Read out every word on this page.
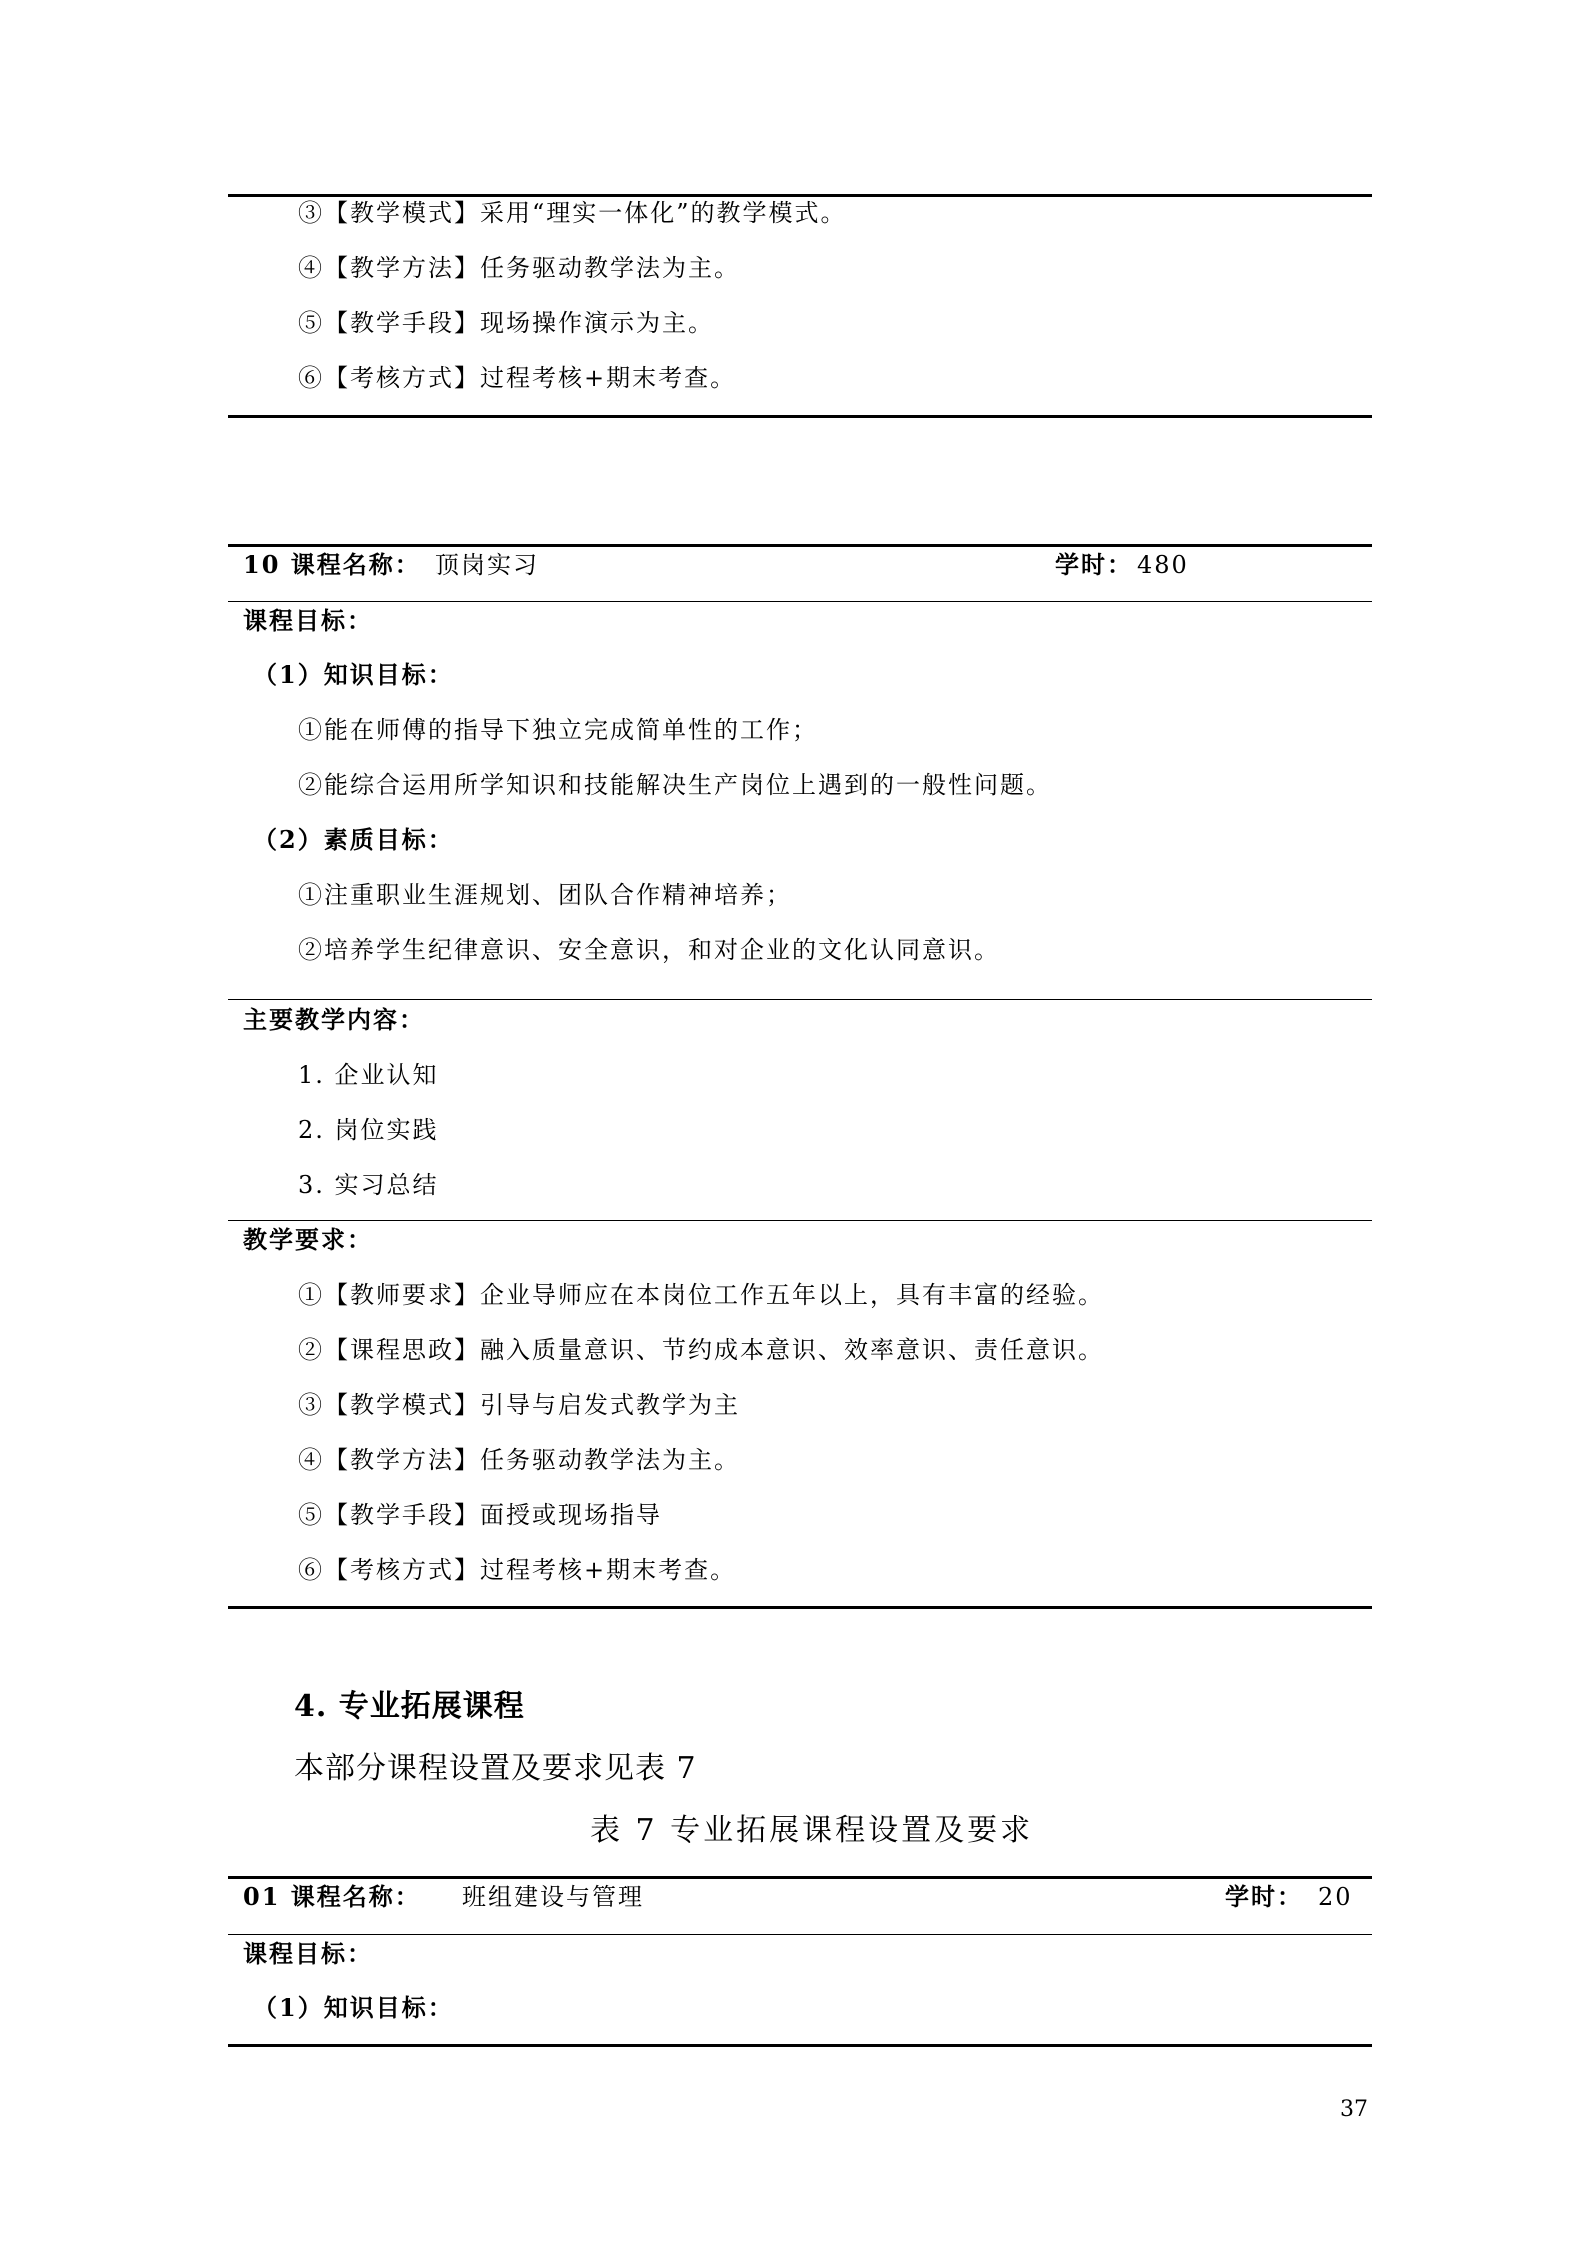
③【教学模式】采用“理实一体化”的教学模式。
④【教学方法】任务驱动教学法为主。
⑤【教学手段】现场操作演示为主。
⑥【考核方式】过程考核+期末考查。
10 课程名称： 顶岗实习	学时： 480
课程目标：
（1）知识目标：
①能在师傅的指导下独立完成简单性的工作；
②能综合运用所学知识和技能解决生产岗位上遇到的一般性问题。
（2）素质目标：
①注重职业生涯规划、团队合作精神培养；
②培养学生纪律意识、安全意识，和对企业的文化认同意识。
主要教学内容：
1. 企业认知
2. 岗位实践
3. 实习总结
教学要求：
①【教师要求】企业导师应在本岗位工作五年以上，具有丰富的经验。
②【课程思政】融入质量意识、节约成本意识、效率意识、责任意识。
③【教学模式】引导与启发式教学为主
④【教学方法】任务驱动教学法为主。
⑤【教学手段】面授或现场指导
⑥【考核方式】过程考核+期末考查。
4. 专业拓展课程
本部分课程设置及要求见表 7
表 7 专业拓展课程设置及要求
01 课程名称： 班组建设与管理	学时： 20
课程目标：
（1）知识目标：
37
